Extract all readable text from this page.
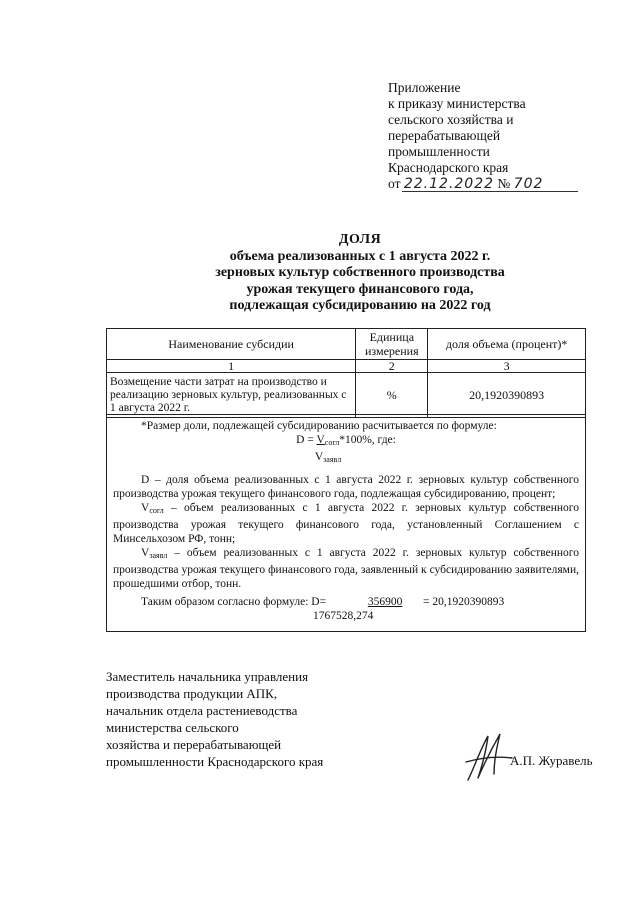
Приложение
к приказу министерства
сельского хозяйства и
перерабатывающей
промышленности
Краснодарского края
от 22.12.2022 № 702
ДОЛЯ
объема реализованных с 1 августа 2022 г.
зерновых культур собственного производства
урожая текущего финансового года,
подлежащая субсидированию на 2022 год
Наименование субсидии	Единица измерения	доля объема (процент)*
1	2	3
Возмещение части затрат на производство и реализацию зерновых культур, реализованных с 1 августа 2022 г.	%	20,1920390893

*Размер доли, подлежащей субсидированию расчитывается по формуле:

$D = V_{согл}*100\%$, где:

$V_{заявл}$

D – доля объема реализованных с 1 августа 2022 г. зерновых культур собственного производства урожая текущего финансового года, подлежащая субсидированию, процент;

$V_{согл}$ – объем реализованных с 1 августа 2022 г. зерновых культур собственного производства урожая текущего финансового года, установленный Соглашением с Минсельхозом РФ, тонн;

$V_{заявл}$ – объем реализованных с 1 августа 2022 г. зерновых культур собственного производства урожая текущего финансового года, заявленный к субсидированию заявителями, прошедшими отбор, тонн.

Таким образом согласно формуле: D=	356900 = 20,1920390893
1767528,274
Заместитель начальника управления
производства продукции АПК,
начальник отдела растениеводства
министерства сельского
хозяйства и перерабатывающей
промышленности Краснодарского края	А.П. Журавель
